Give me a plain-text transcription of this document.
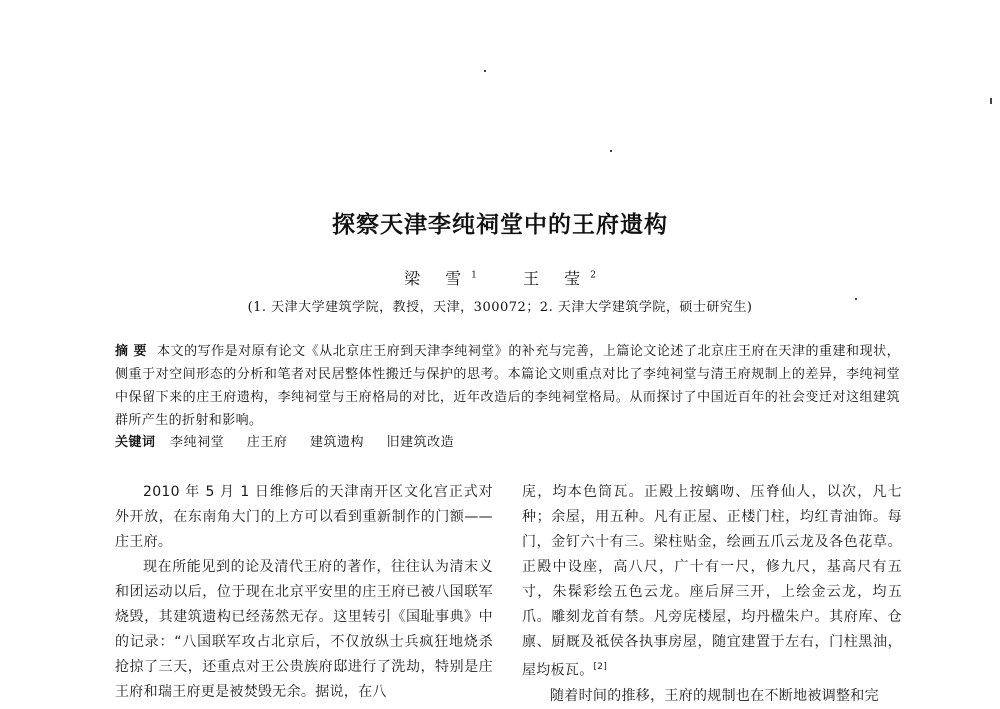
探察天津李纯祠堂中的王府遗构
梁 雪$^1$	王 莹$^2$
(1. 天津大学建筑学院，教授，天津，300072；2. 天津大学建筑学院，硕士研究生)
摘 要 本文的写作是对原有论文《从北京庄王府到天津李纯祠堂》的补充与完善，上篇论文论述了北京庄王府在天津的重建和现状，侧重于对空间形态的分析和笔者对民居整体性搬迁与保护的思考。本篇论文则重点对比了李纯祠堂与清王府规制上的差异，李纯祠堂中保留下来的庄王府遗构，李纯祠堂与王府格局的对比，近年改造后的李纯祠堂格局。从而探讨了中国近百年的社会变迁对这组建筑群所产生的折射和影响。
关键词 李纯祠堂 庄王府 建筑遗构 旧建筑改造

2010 年 5 月 1 日维修后的天津南开区文化宫正式对外开放，在东南角大门的上方可以看到重新制作的门额——庄王府。

现在所能见到的论及清代王府的著作，往往认为清末义和团运动以后，位于现在北京平安里的庄王府已被八国联军烧毁，其建筑遗构已经荡然无存。这里转引《国耻事典》中的记录：“八国联军攻占北京后，不仅放纵士兵疯狂地烧杀抢掠了三天，还重点对王公贵族府邸进行了洗劫，特别是庄王府和瑞王府更是被焚毁无余。据说，在八

庑，均本色筒瓦。正殿上按螭吻、压脊仙人，以次，凡七种；余屋，用五种。凡有正屋、正楼门柱，均红青油饰。每门，金钉六十有三。梁柱贴金，绘画五爪云龙及各色花草。正殿中设座，高八尺，广十有一尺，修九尺，基高尺有五寸，朱髹彩绘五色云龙。座后屏三开，上绘金云龙，均五爪。雕刻龙首有禁。凡旁庑楼屋，均丹楹朱户。其府库、仓廪、厨厩及祗侯各执事房屋，随宜建置于左右，门柱黑油，屋均板瓦。[2]

随着时间的推移，王府的规制也在不断地被调整和完
